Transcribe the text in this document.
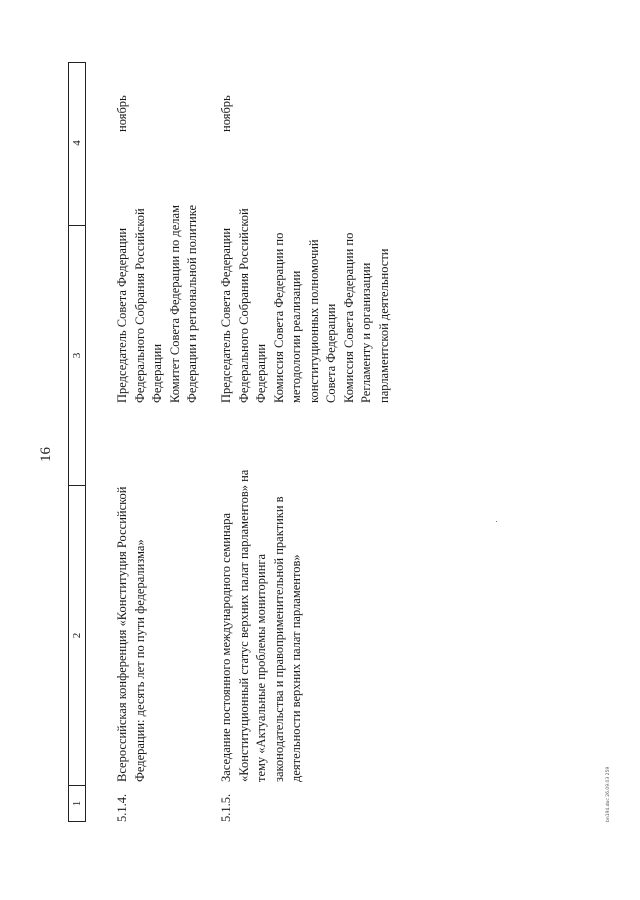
16
1
2
3
4
5.1.4.
Всероссийская конференция «Конституция Российской Федерации: десять лет по пути федерализма»
Председатель Совета Федерации Федерального Собрания Российской Федерации Комитет Совета Федерации по делам Федерации и региональной политике
ноябрь
5.1.5.
Заседание постоянного международного семинара «Конституционный статус верхних палат парламентов» на тему «Актуальные проблемы мониторинга законодательства и правоприменительной практики в деятельности верхних палат парламентов»
Председатель Совета Федерации Федерального Собрания Российской Федерации Комиссия Совета Федерации по методологии реализации конституционных полномочий Совета Федерации Комиссия Совета Федерации по Регламенту и организации парламентской деятельности
ноябрь
bn194.doc 26.09.03 259
